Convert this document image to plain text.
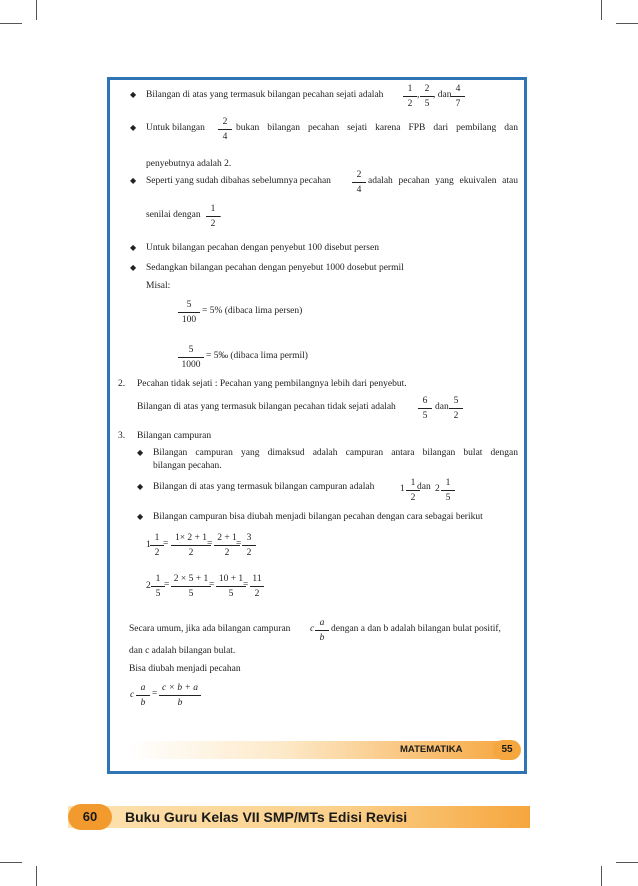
◆ Bilangan di atas yang termasuk bilangan pecahan sejati adalah $\frac{1}{2}$ , $\frac{2}{5}$ , dan $\frac{4}{7}$
◆ Untuk bilangan $\frac{2}{4}$ bukan bilangan pecahan sejati karena FPB dari pembilang dan
penyebutnya adalah 2.
◆ Seperti yang sudah dibahas sebelumnya pecahan $\frac{2}{4}$ adalah pecahan yang ekuivalen atau
senilai dengan $\frac{1}{2}$ .
◆ Untuk bilangan pecahan dengan penyebut 100 disebut persen
◆ Sedangkan bilangan pecahan dengan penyebut 1000 dosebut permil
Misal:
$\frac{5}{100} = 5\%$ (dibaca lima persen)
$\frac{5}{1000}$ = 5‰ (dibaca lima permil)
2. Pecahan tidak sejati : Pecahan yang pembilangnya lebih dari penyebut.
Bilangan di atas yang termasuk bilangan pecahan tidak sejati adalah $\frac{6}{5}$ dan $\frac{5}{2}$
3. Bilangan campuran
◆ Bilangan campuran yang dimaksud adalah campuran antara bilangan bulat dengan
bilangan pecahan.
◆ Bilangan di atas yang termasuk bilangan campuran adalah	$1 \frac{1}{2}$
dan $2 \frac{1}{5}$
◆ Bilangan campuran bisa diubah menjadi bilangan pecahan dengan cara sebagai berikut
$1 \frac{1}{2} = \frac{1\times 2 + 1}{2}$
= $\frac{2 + 1}{2}$
= $\frac{3}{2}$
$2 \frac{1}{5} = \frac{2 \times 5 + 1}{5}$
= $\frac{10 + 1}{5}$
= $\frac{11}{2}$
Secara umum, jika ada bilangan campuran c $\frac{a}{b}$ dengan a dan b adalah bilangan bulat positif,
dan c adalah bilangan bulat.
Bisa diubah menjadi pecahan
c $\frac{a}{b} = \frac{c \times b + a}{b}$
MATEMATIKA	55
60	Buku Guru Kelas VII SMP/MTs Edisi Revisi
